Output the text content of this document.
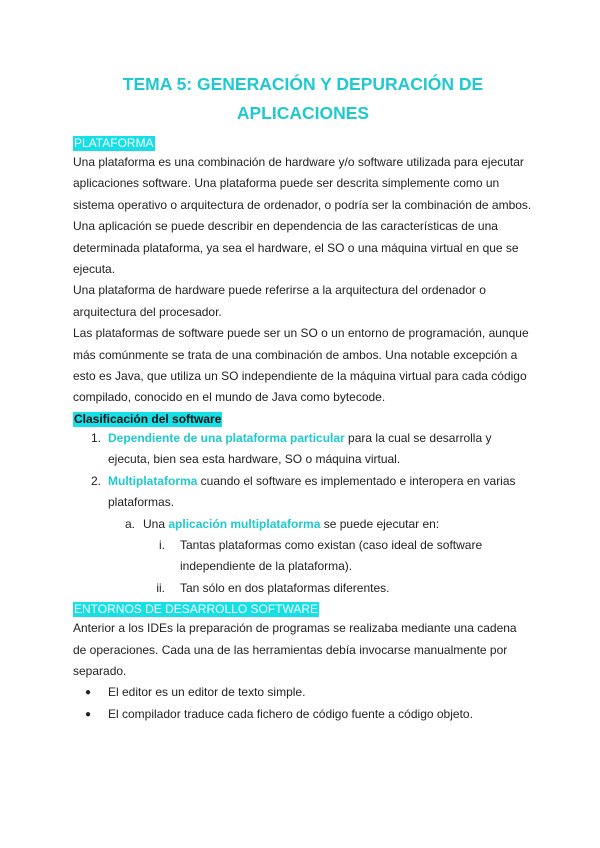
TEMA 5: GENERACIÓN Y DEPURACIÓN DE
APLICACIONES
PLATAFORMA

Una plataforma es una combinación de hardware y/o software utilizada para ejecutar aplicaciones software. Una plataforma puede ser descrita simplemente como un sistema operativo o arquitectura de ordenador, o podría ser la combinación de ambos. Una aplicación se puede describir en dependencia de las características de una determinada plataforma, ya sea el hardware, el SO o una máquina virtual en que se ejecuta.

Una plataforma de hardware puede referirse a la arquitectura del ordenador o arquitectura del procesador.

Las plataformas de software puede ser un SO o un entorno de programación, aunque más comúnmente se trata de una combinación de ambos. Una notable excepción a esto es Java, que utiliza un SO independiente de la máquina virtual para cada código compilado, conocido en el mundo de Java como bytecode.

Clasificación del software
1. Dependiente de una plataforma particular para la cual se desarrolla y ejecuta, bien sea esta hardware, SO o máquina virtual.
2. Multiplataforma cuando el software es implementado e interopera en varias plataformas.
a. Una aplicación multiplataforma se puede ejecutar en:
i. Tantas plataformas como existan (caso ideal de software independiente de la plataforma).
ii. Tan sólo en dos plataformas diferentes.
ENTORNOS DE DESARROLLO SOFTWARE

Anterior a los IDEs la preparación de programas se realizaba mediante una cadena de operaciones. Cada una de las herramientas debía invocarse manualmente por separado.

●	El editor es un editor de texto simple.
●	El compilador traduce cada fichero de código fuente a código objeto.
